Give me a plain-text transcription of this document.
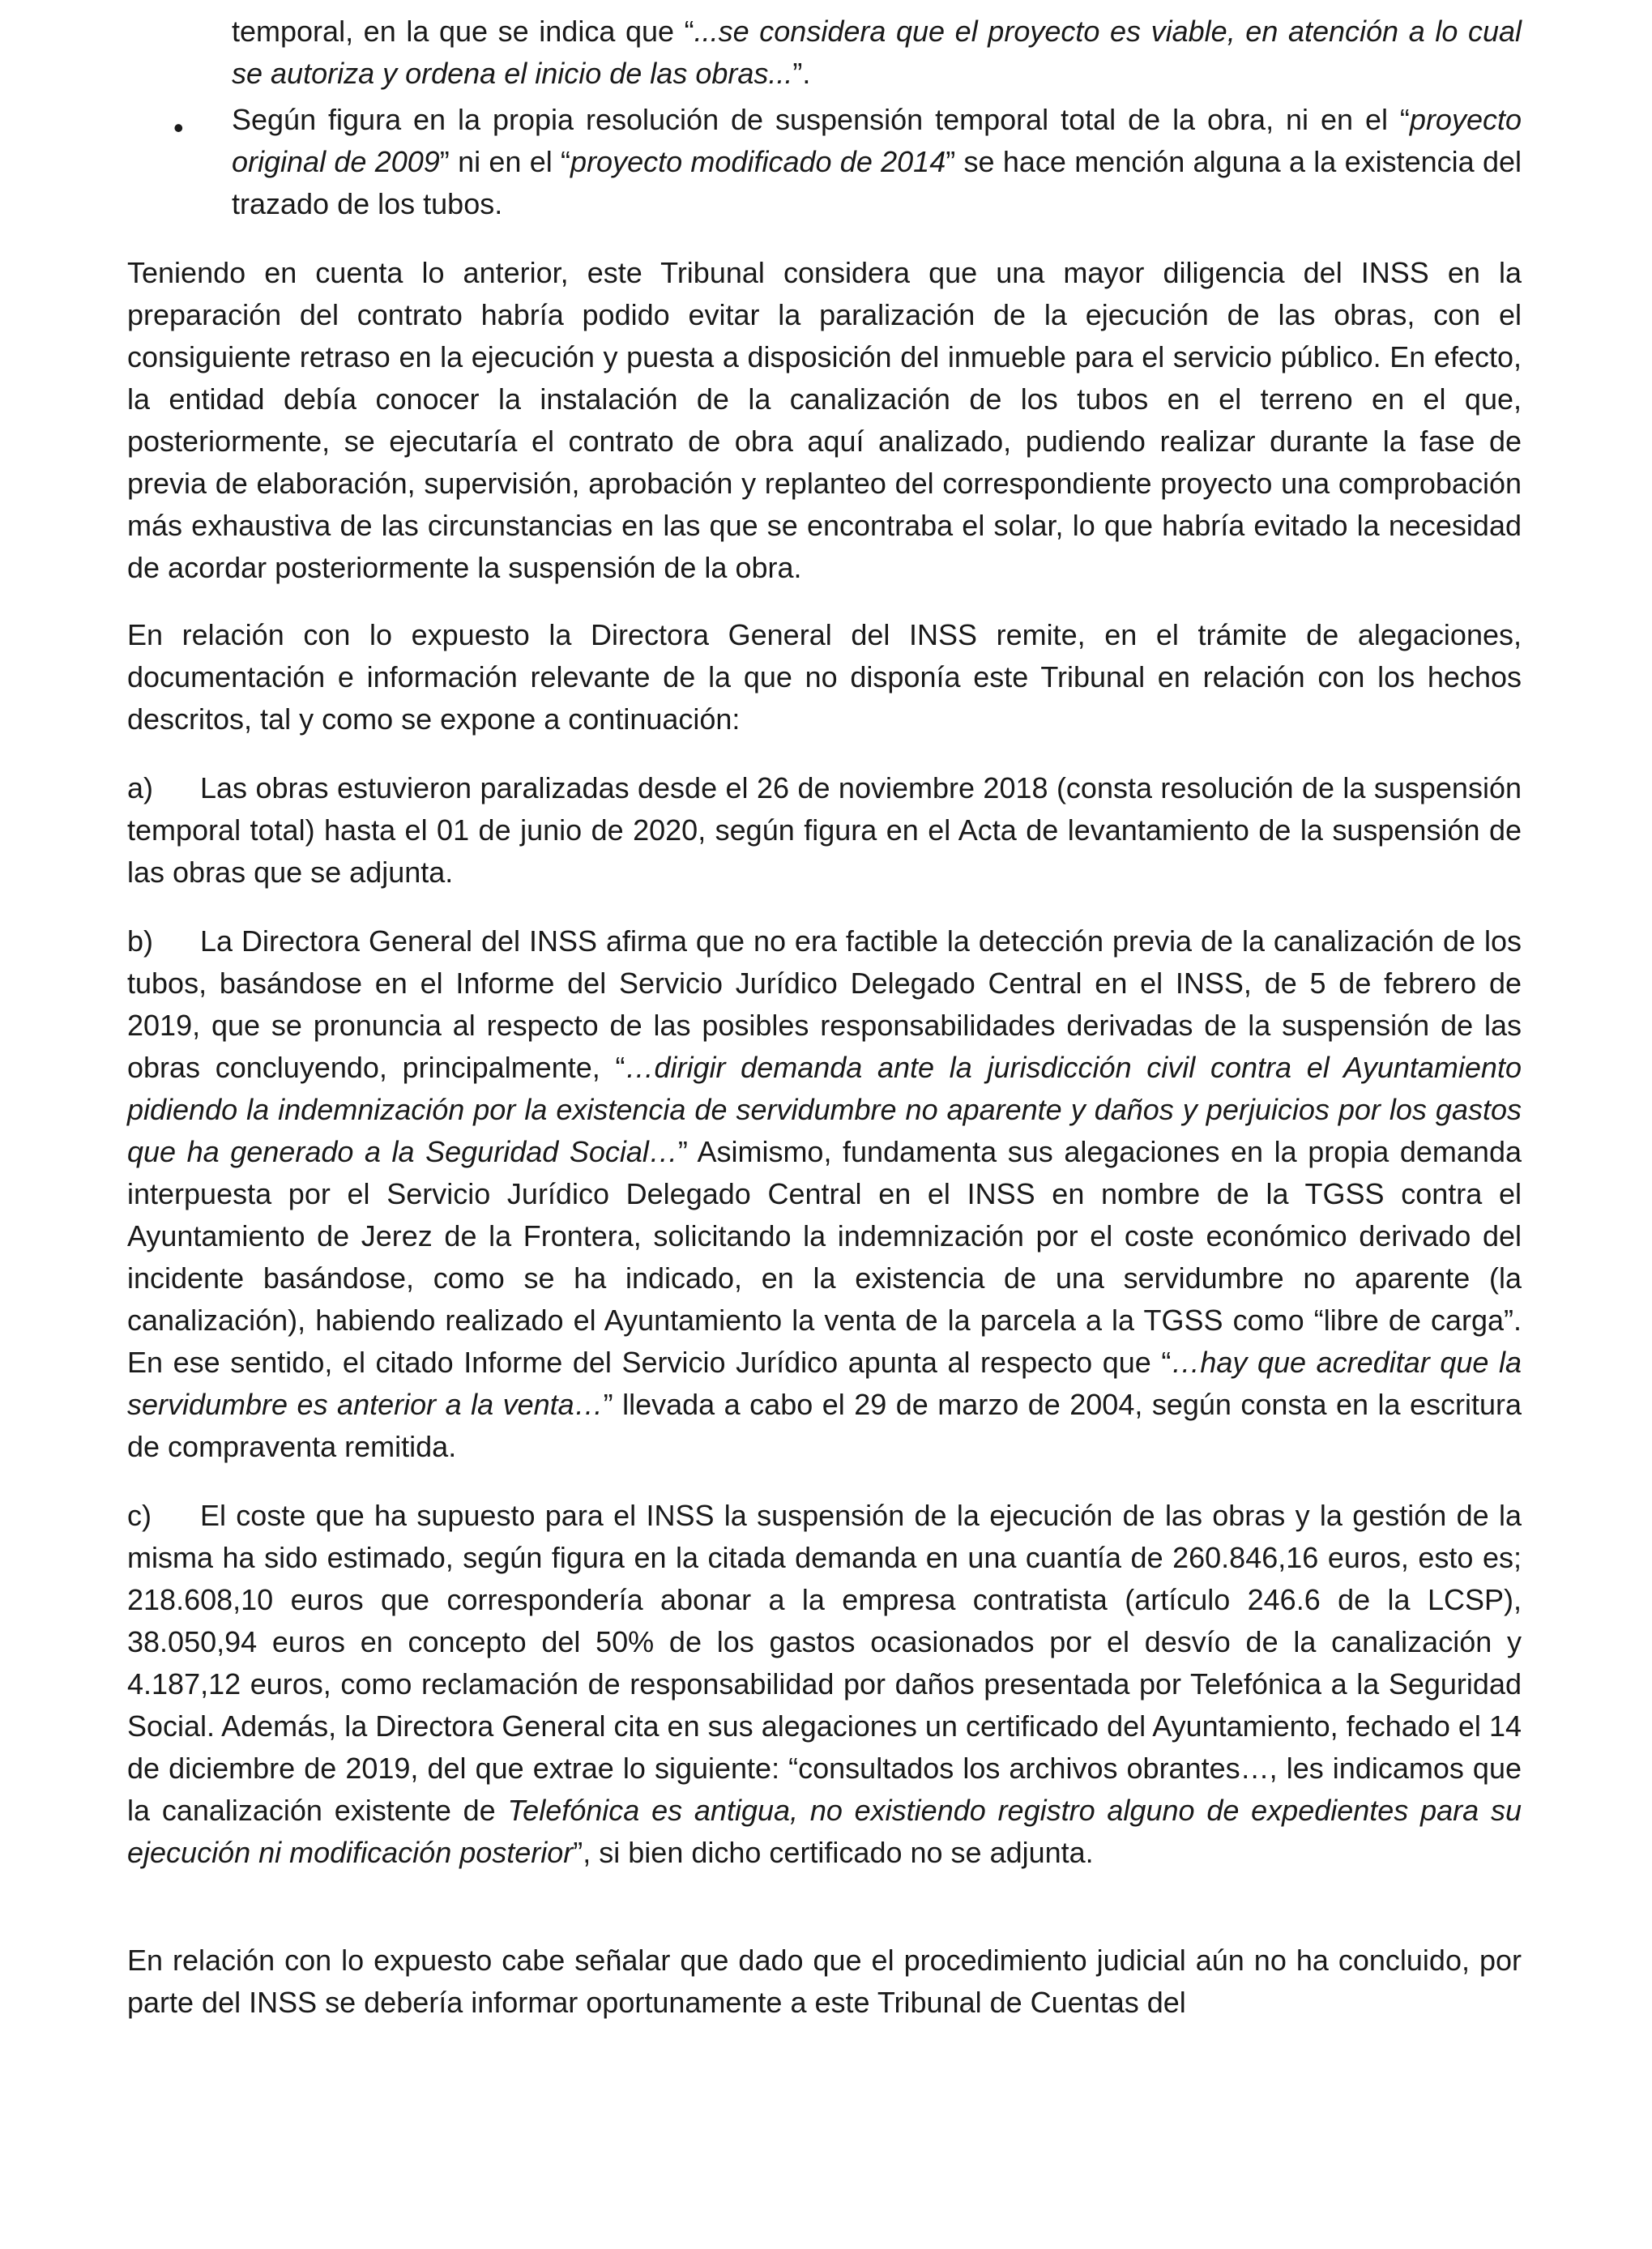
•

temporal, en la que se indica que “...se considera que el proyecto es viable, en atención a lo cual se autoriza y ordena el inicio de las obras...”.

Según figura en la propia resolución de suspensión temporal total de la obra, ni en el “proyecto original de 2009” ni en el “proyecto modificado de 2014” se hace mención alguna a la existencia del trazado de los tubos.

Teniendo en cuenta lo anterior, este Tribunal considera que una mayor diligencia del INSS en la preparación del contrato habría podido evitar la paralización de la ejecución de las obras, con el consiguiente retraso en la ejecución y puesta a disposición del inmueble para el servicio público. En efecto, la entidad debía conocer la instalación de la canalización de los tubos en el terreno en el que, posteriormente, se ejecutaría el contrato de obra aquí analizado, pudiendo realizar durante la fase de previa de elaboración, supervisión, aprobación y replanteo del correspondiente proyecto una comprobación más exhaustiva de las circunstancias en las que se encontraba el solar, lo que habría evitado la necesidad de acordar posteriormente la suspensión de la obra.

En relación con lo expuesto la Directora General del INSS remite, en el trámite de alegaciones, documentación e información relevante de la que no disponía este Tribunal en relación con los hechos descritos, tal y como se expone a continuación:

a) Las obras estuvieron paralizadas desde el 26 de noviembre 2018 (consta resolución de la suspensión temporal total) hasta el 01 de junio de 2020, según figura en el Acta de levantamiento de la suspensión de las obras que se adjunta.

b) La Directora General del INSS afirma que no era factible la detección previa de la canalización de los tubos, basándose en el Informe del Servicio Jurídico Delegado Central en el INSS, de 5 de febrero de 2019, que se pronuncia al respecto de las posibles responsabilidades derivadas de la suspensión de las obras concluyendo, principalmente, “…dirigir demanda ante la jurisdicción civil contra el Ayuntamiento pidiendo la indemnización por la existencia de servidumbre no aparente y daños y perjuicios por los gastos que ha generado a la Seguridad Social…” Asimismo, fundamenta sus alegaciones en la propia demanda interpuesta por el Servicio Jurídico Delegado Central en el INSS en nombre de la TGSS contra el Ayuntamiento de Jerez de la Frontera, solicitando la indemnización por el coste económico derivado del incidente basándose, como se ha indicado, en la existencia de una servidumbre no aparente (la canalización), habiendo realizado el Ayuntamiento la venta de la parcela a la TGSS como “libre de carga”. En ese sentido, el citado Informe del Servicio Jurídico apunta al respecto que “…hay que acreditar que la servidumbre es anterior a la venta…” llevada a cabo el 29 de marzo de 2004, según consta en la escritura de compraventa remitida.

c) El coste que ha supuesto para el INSS la suspensión de la ejecución de las obras y la gestión de la misma ha sido estimado, según figura en la citada demanda en una cuantía de 260.846,16 euros, esto es; 218.608,10 euros que correspondería abonar a la empresa contratista (artículo 246.6 de la LCSP), 38.050,94 euros en concepto del 50% de los gastos ocasionados por el desvío de la canalización y 4.187,12 euros, como reclamación de responsabilidad por daños presentada por Telefónica a la Seguridad Social. Además, la Directora General cita en sus alegaciones un certificado del Ayuntamiento, fechado el 14 de diciembre de 2019, del que extrae lo siguiente: “consultados los archivos obrantes…, les indicamos que la canalización existente de Telefónica es antigua, no existiendo registro alguno de expedientes para su ejecución ni modificación posterior”, si bien dicho certificado no se adjunta.

En relación con lo expuesto cabe señalar que dado que el procedimiento judicial aún no ha concluido, por parte del INSS se debería informar oportunamente a este Tribunal de Cuentas del
